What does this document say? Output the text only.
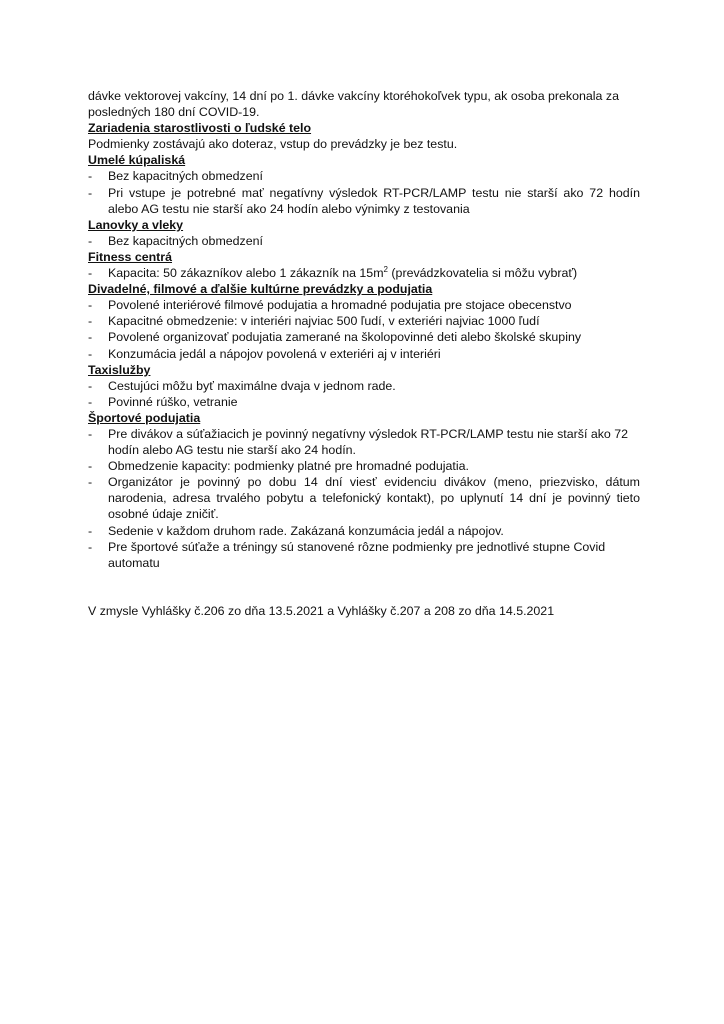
dávke vektorovej vakcíny, 14 dní po 1. dávke vakcíny ktoréhokoľvek typu, ak osoba prekonala za
posledných 180 dní COVID-19.
Zariadenia starostlivosti o ľudské telo
Podmienky zostávajú ako doteraz, vstup do prevádzky je bez testu.
Umelé kúpaliská
-	Bez kapacitných obmedzení
-	Pri vstupe je potrebné mať negatívny výsledok RT-PCR/LAMP testu nie starší ako 72 hodín alebo AG testu nie starší ako 24 hodín alebo výnimky z testovania
Lanovky a vleky
-	Bez kapacitných obmedzení
Fitness centrá
-	Kapacita: 50 zákazníkov alebo 1 zákazník na $15m^2$ (prevádzkovatelia si môžu vybrať)
Divadelné, filmové a ďalšie kultúrne prevádzky a podujatia
-	Povolené interiérové filmové podujatia a hromadné podujatia pre stojace obecenstvo
-	Kapacitné obmedzenie: v interiéri najviac 500 ľudí, v exteriéri najviac 1000 ľudí
-	Povolené organizovať podujatia zamerané na školopovinné deti alebo školské skupiny
-	Konzumácia jedál a nápojov povolená v exteriéri aj v interiéri
Taxislužby
-	Cestujúci môžu byť maximálne dvaja v jednom rade.
-	Povinné rúško, vetranie
Športové podujatia
-	Pre divákov a súťažiacich je povinný negatívny výsledok RT-PCR/LAMP testu nie starší ako 72 hodín alebo AG testu nie starší ako 24 hodín.
-	Obmedzenie kapacity: podmienky platné pre hromadné podujatia.
-	Organizátor je povinný po dobu 14 dní viesť evidenciu divákov (meno, priezvisko, dátum narodenia, adresa trvalého pobytu a telefonický kontakt), po uplynutí 14 dní je povinný tieto osobné údaje zničiť.
-	Sedenie v každom druhom rade. Zakázaná konzumácia jedál a nápojov.
-	Pre športové súťaže a tréningy sú stanovené rôzne podmienky pre jednotlivé stupne Covid automatu
V zmysle Vyhlášky č.206 zo dňa 13.5.2021 a Vyhlášky č.207 a 208 zo dňa 14.5.2021
